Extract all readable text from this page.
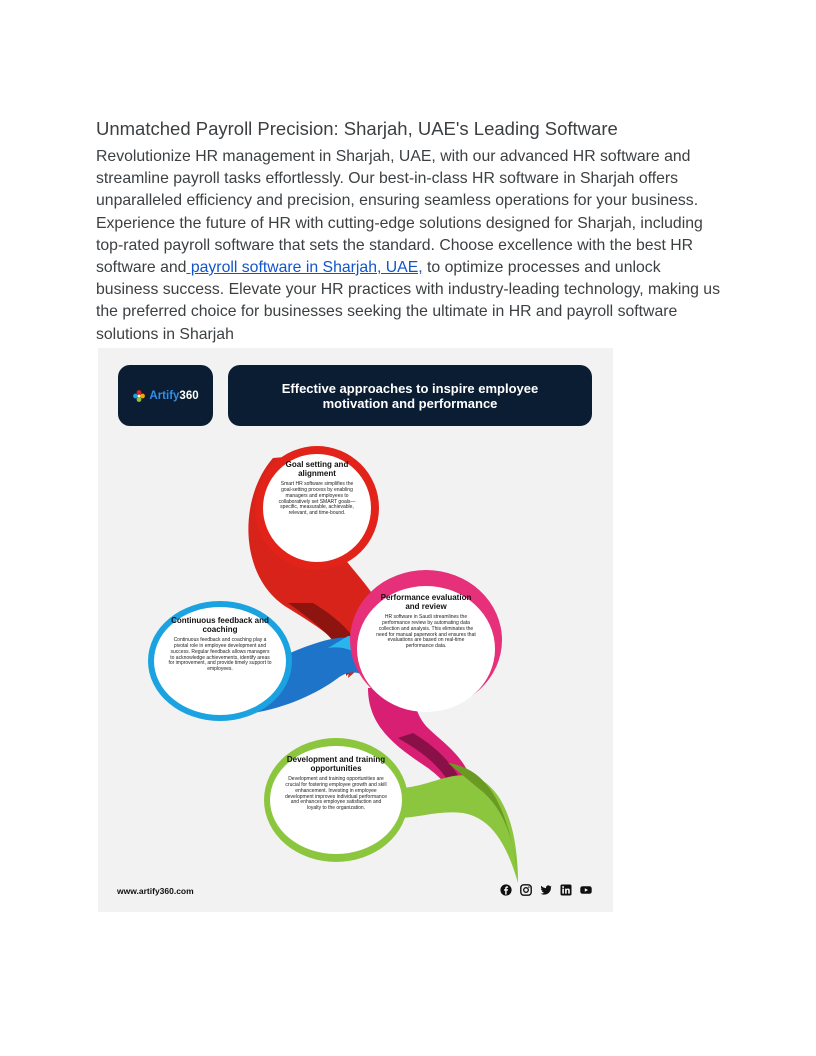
Unmatched Payroll Precision: Sharjah, UAE's Leading Software

Revolutionize HR management in Sharjah, UAE, with our advanced HR software and streamline payroll tasks effortlessly. Our best-in-class HR software in Sharjah offers unparalleled efficiency and precision, ensuring seamless operations for your business. Experience the future of HR with cutting-edge solutions designed for Sharjah, including top-rated payroll software that sets the standard. Choose excellence with the best HR software and payroll software in Sharjah, UAE, to optimize processes and unlock business success. Elevate your HR practices with industry-leading technology, making us the preferred choice for businesses seeking the ultimate in HR and payroll software solutions in Sharjah

Artify360	Effective approaches to inspire employee motivation and performance
Goal setting and alignment

Smart HR software simplifies the goal-setting process by enabling managers and employees to collaboratively set SMART goals—specific, measurable, achievable, relevant, and time-bound.

Performance evaluation and review

HR software in Saudi streamlines the performance review by automating data collection and analysis. This eliminates the need for manual paperwork and ensures that evaluations are based on real-time performance data.

Continuous feedback and coaching

Continuous feedback and coaching play a pivotal role in employee development and success. Regular feedback allows managers to acknowledge achievements, identify areas for improvement, and provide timely support to employees.

Development and training opportunities

Development and training opportunities are crucial for fostering employee growth and skill enhancement. Investing in employee development improves individual performance and enhances employee satisfaction and loyalty to the organization.

www.artify360.com
